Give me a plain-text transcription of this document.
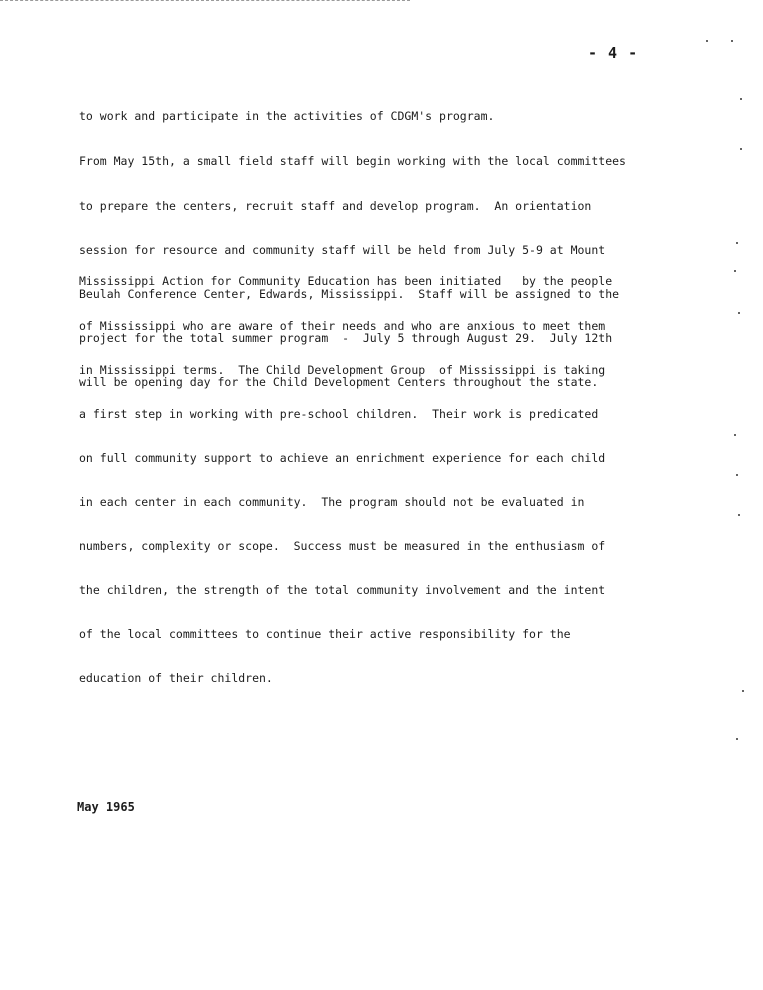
- 4 -

to work and participate in the activities of CDGM's program.

From May 15th, a small field staff will begin working with the local committees

to prepare the centers, recruit staff and develop program.  An orientation

session for resource and community staff will be held from July 5-9 at Mount

Beulah Conference Center, Edwards, Mississippi.  Staff will be assigned to the

project for the total summer program  -  July 5 through August 29.  July 12th

will be opening day for the Child Development Centers throughout the state.

Mississippi Action for Community Education has been initiated   by the people

of Mississippi who are aware of their needs and who are anxious to meet them

in Mississippi terms.  The Child Development Group  of Mississippi is taking

a first step in working with pre-school children.  Their work is predicated

on full community support to achieve an enrichment experience for each child

in each center in each community.  The program should not be evaluated in

numbers, complexity or scope.  Success must be measured in the enthusiasm of

the children, the strength of the total community involvement and the intent

of the local committees to continue their active responsibility for the

education of their children.

May 1965
